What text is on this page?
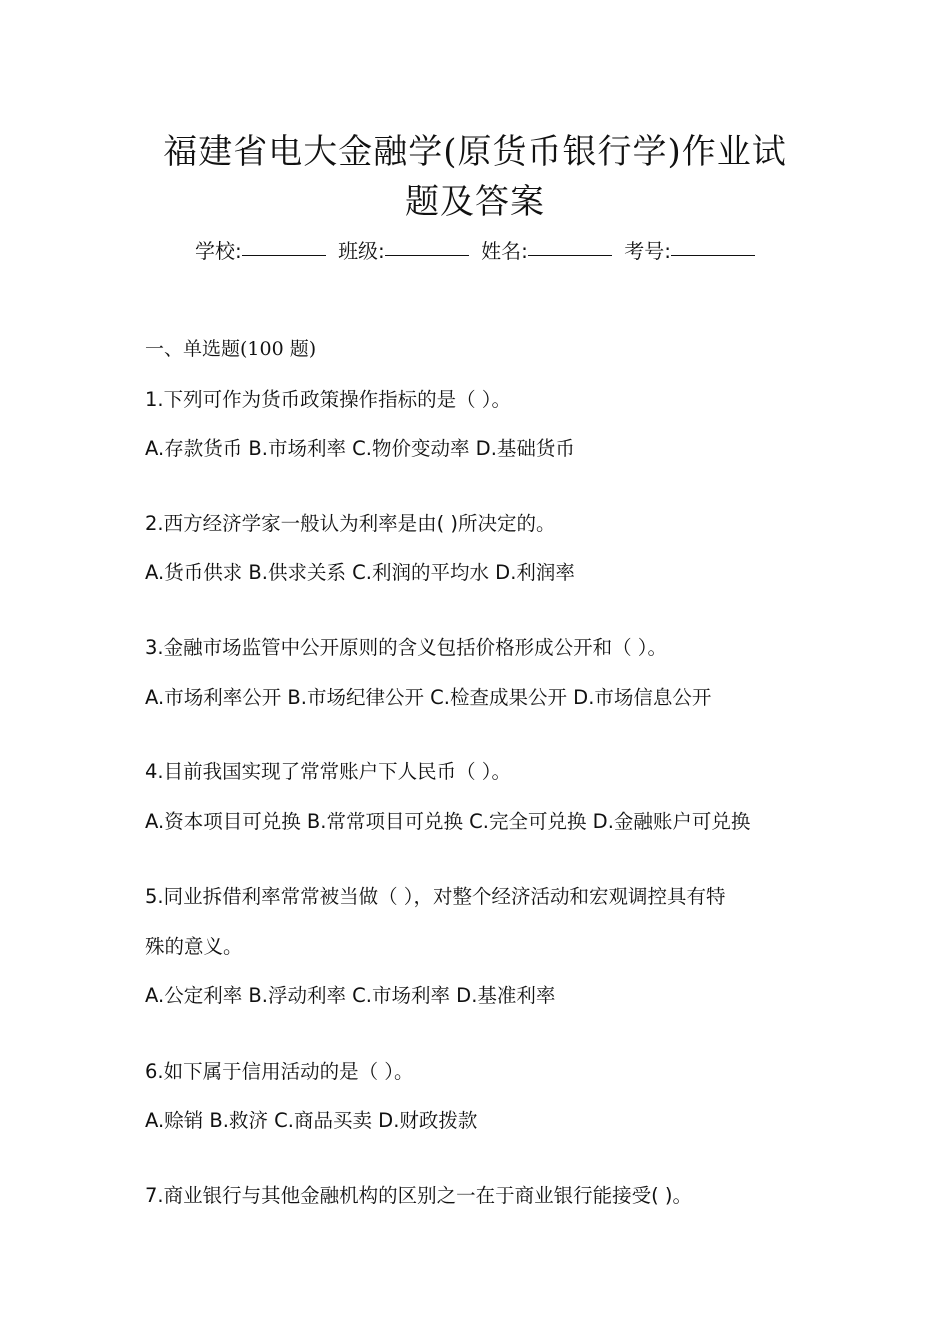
福建省电大金融学(原货币银行学)作业试
题及答案
学校:	班级:	姓名:	考号:
一、单选题(100 题)
1.下列可作为货币政策操作指标的是（ ）。
A.存款货币 B.市场利率 C.物价变动率 D.基础货币
2.西方经济学家一般认为利率是由( )所决定的。
A.货币供求 B.供求关系 C.利润的平均水 D.利润率
3.金融市场监管中公开原则的含义包括价格形成公开和（ ）。
A.市场利率公开 B.市场纪律公开 C.检查成果公开 D.市场信息公开
4.目前我国实现了常常账户下人民币（ ）。
A.资本项目可兑换 B.常常项目可兑换 C.完全可兑换 D.金融账户可兑换
5.同业拆借利率常常被当做（ ），对整个经济活动和宏观调控具有特
殊的意义。
A.公定利率 B.浮动利率 C.市场利率 D.基准利率
6.如下属于信用活动的是（ ）。
A.赊销 B.救济 C.商品买卖 D.财政拨款
7.商业银行与其他金融机构的区别之一在于商业银行能接受( )。
